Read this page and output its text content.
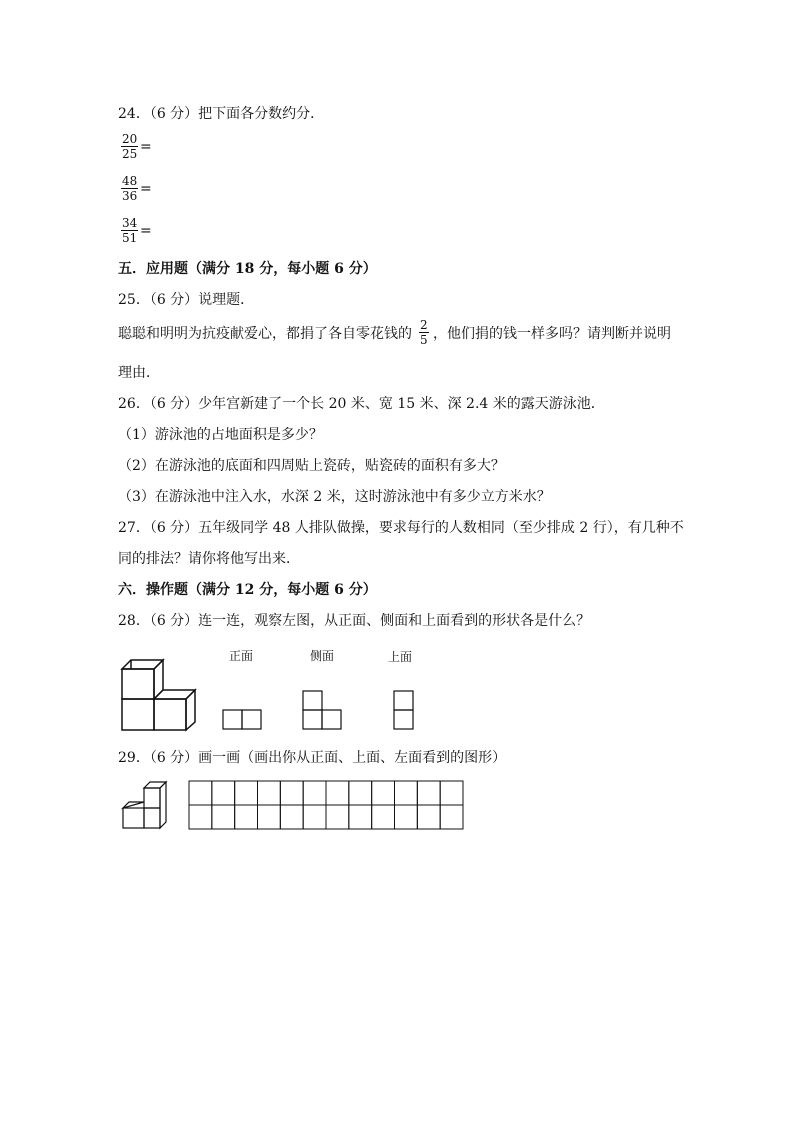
24．（6 分）把下面各分数约分．
$\frac{20}{25}$ =
$\frac{48}{36}$ =
$\frac{34}{51}$ =
五．应用题（满分 18 分，每小题 6 分）
25．（6 分）说理题．
聪聪和明明为抗疫献爱心，都捐了各自零花钱的 $\frac{2}{5}$ ，他们捐的钱一样多吗？请判断并说明
理由．
26．（6 分）少年宫新建了一个长 20 米、宽 15 米、深 2.4 米的露天游泳池．
（1）游泳池的占地面积是多少？
（2）在游泳池的底面和四周贴上瓷砖，贴瓷砖的面积有多大？
（3）在游泳池中注入水，水深 2 米，这时游泳池中有多少立方米水？
27．（6 分）五年级同学 48 人排队做操，要求每行的人数相同（至少排成 2 行），有几种不
同的排法？请你将他写出来．
六．操作题（满分 12 分，每小题 6 分）
28．（6 分）连一连，观察左图，从正面、侧面和上面看到的形状各是什么？
正面	侧面	上面
29．（6 分）画一画（画出你从正面、上面、左面看到的图形）
